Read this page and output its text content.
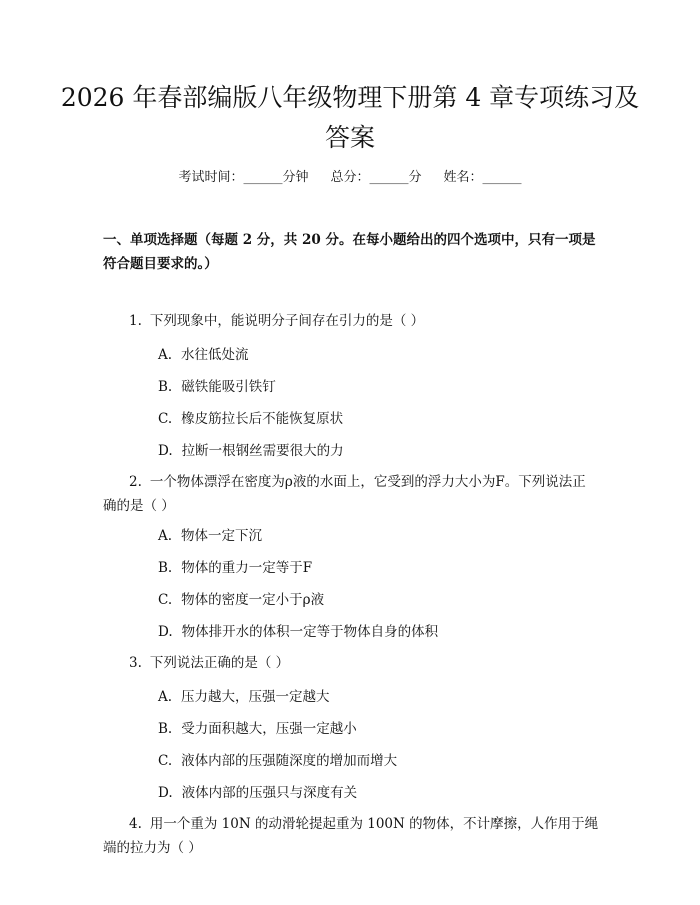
2026 年春部编版八年级物理下册第 4 章专项练习及答案
考试时间：______分钟 总分：______分 姓名：______

一、单项选择题（每题 2 分，共 20 分。在每小题给出的四个选项中，只有一项是符合题目要求的。）

1. 下列现象中，能说明分子间存在引力的是（ ）

A. 水往低处流

B. 磁铁能吸引铁钉

C. 橡皮筋拉长后不能恢复原状

D. 拉断一根钢丝需要很大的力

2. 一个物体漂浮在密度为ρ液的水面上，它受到的浮力大小为F。下列说法正确的是（ ）

A. 物体一定下沉

B. 物体的重力一定等于F

C. 物体的密度一定小于ρ液

D. 物体排开水的体积一定等于物体自身的体积

3. 下列说法正确的是（ ）

A. 压力越大，压强一定越大

B. 受力面积越大，压强一定越小

C. 液体内部的压强随深度的增加而增大

D. 液体内部的压强只与深度有关

4. 用一个重为 10N 的动滑轮提起重为 100N 的物体，不计摩擦，人作用于绳端的拉力为（ ）
